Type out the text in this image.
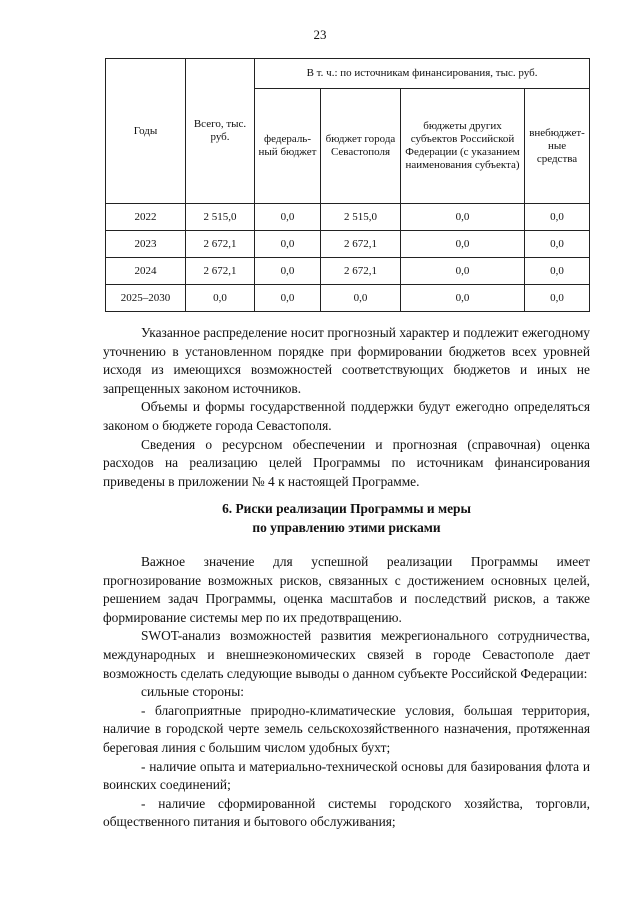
23
Годы	Всего, тыс. руб.	В т. ч.: по источникам финансирования, тыс. руб.			
		федераль-ный бюджет	бюджет города Севастополя	бюджеты других субъектов Российской Федерации (с указанием наименования субъекта)	внебюджет-ные средства
2022	2 515,0	0,0	2 515,0	0,0	0,0
2023	2 672,1	0,0	2 672,1	0,0	0,0
2024	2 672,1	0,0	2 672,1	0,0	0,0
2025–2030	0,0	0,0	0,0	0,0	0,0

Указанное распределение носит прогнозный характер и подлежит ежегодному уточнению в установленном порядке при формировании бюджетов всех уровней исходя из имеющихся возможностей соответствующих бюджетов и иных не запрещенных законом источников.

Объемы и формы государственной поддержки будут ежегодно определяться законом о бюджете города Севастополя.

Сведения о ресурсном обеспечении и прогнозная (справочная) оценка расходов на реализацию целей Программы по источникам финансирования приведены в приложении № 4 к настоящей Программе.

6. Риски реализации Программы и меры
по управлению этими рисками

Важное значение для успешной реализации Программы имеет прогнозирование возможных рисков, связанных с достижением основных целей, решением задач Программы, оценка масштабов и последствий рисков, а также формирование системы мер по их предотвращению.

SWOT-анализ возможностей развития межрегионального сотрудничества, международных и внешнеэкономических связей в городе Севастополе дает возможность сделать следующие выводы о данном субъекте Российской Федерации:

сильные стороны:

- благоприятные природно-климатические условия, большая территория, наличие в городской черте земель сельскохозяйственного назначения, протяженная береговая линия с большим числом удобных бухт;

- наличие опыта и материально-технической основы для базирования флота и воинских соединений;

- наличие сформированной системы городского хозяйства, торговли, общественного питания и бытового обслуживания;
